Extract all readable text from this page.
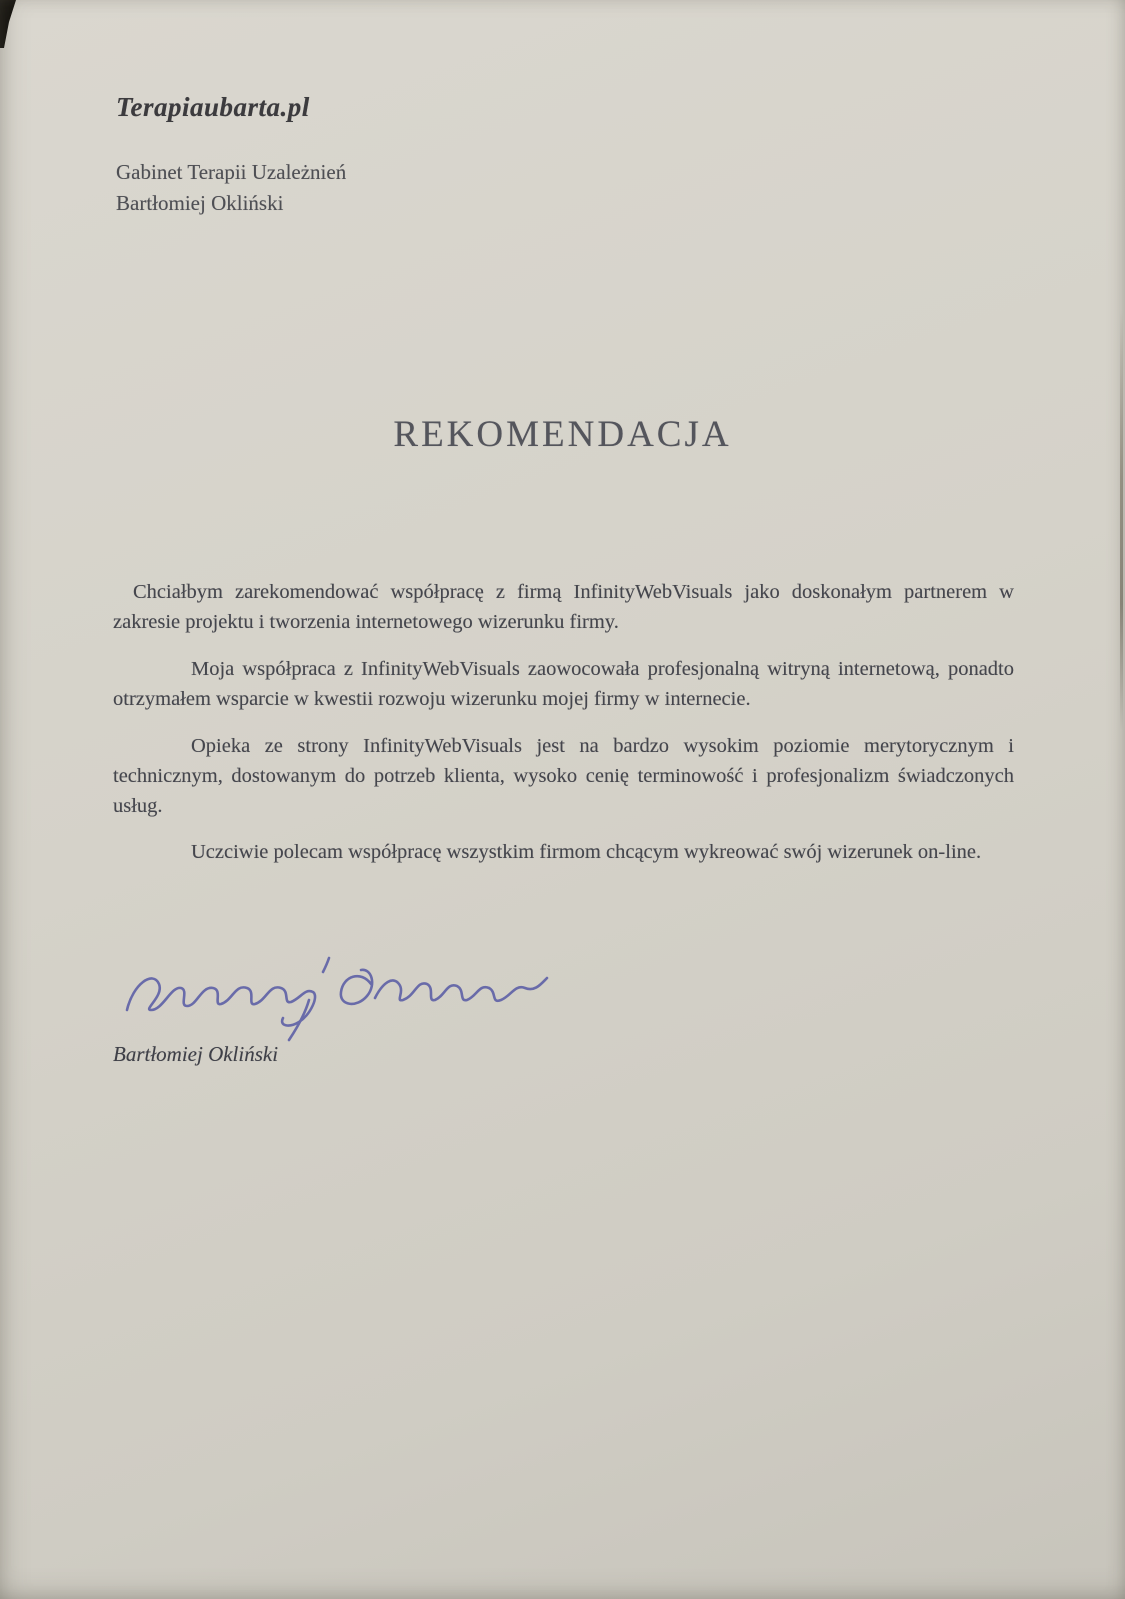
Terapiaubarta.pl
Gabinet Terapii Uzależnień
Bartłomiej Okliński
REKOMENDACJA

Chciałbym zarekomendować współpracę z firmą InfinityWebVisuals jako doskonałym partnerem w zakresie projektu i tworzenia internetowego wizerunku firmy.

Moja współpraca z InfinityWebVisuals zaowocowała profesjonalną witryną internetową, ponadto otrzymałem wsparcie w kwestii rozwoju wizerunku mojej firmy w internecie.

Opieka ze strony InfinityWebVisuals jest na bardzo wysokim poziomie merytorycznym i technicznym, dostowanym do potrzeb klienta, wysoko cenię terminowość i profesjonalizm świadczonych usług.

Uczciwie polecam współpracę wszystkim firmom chcącym wykreować swój wizerunek on-line.

Bartłomiej Okliński
